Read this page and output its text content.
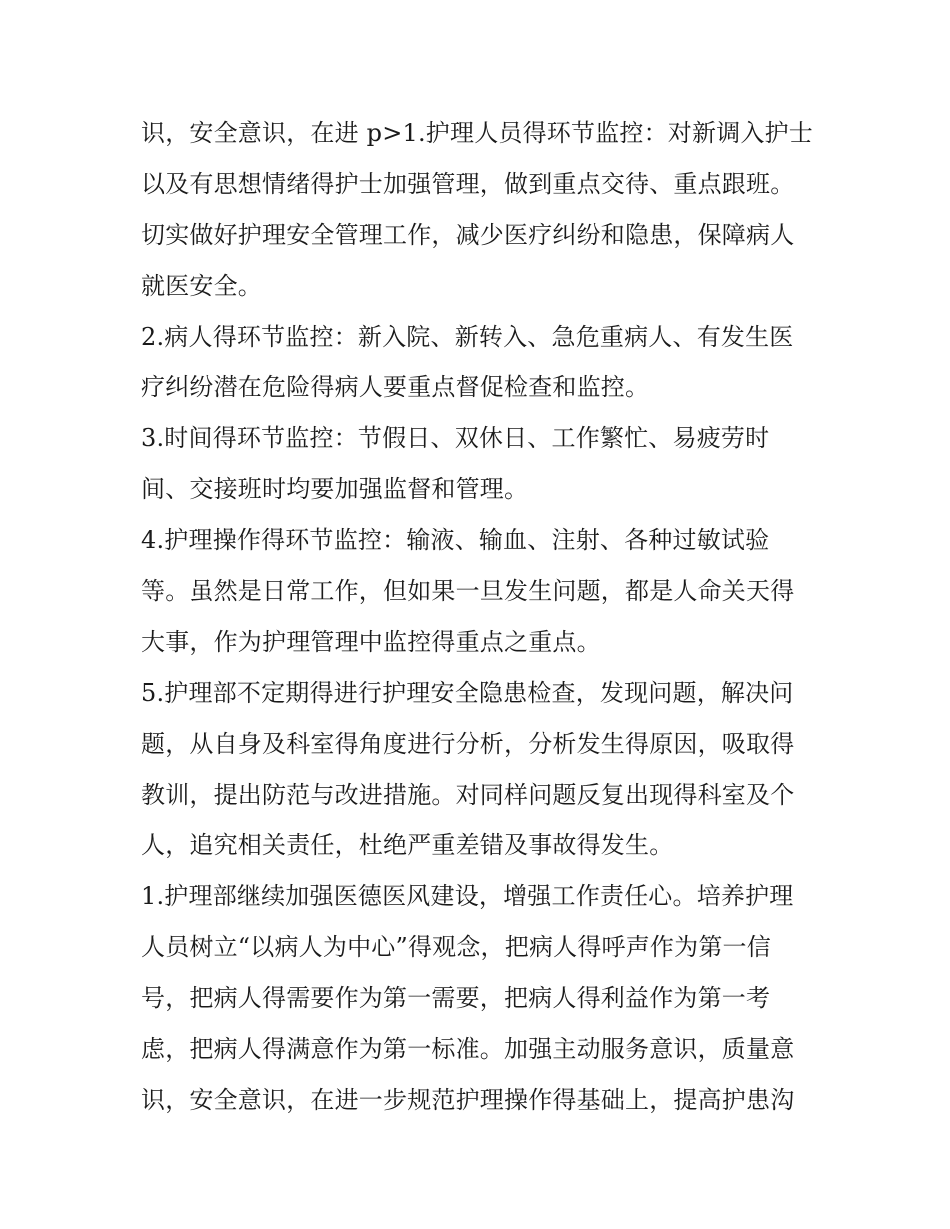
识，安全意识，在进 p>1.护理人员得环节监控：对新调入护士
以及有思想情绪得护士加强管理，做到重点交待、重点跟班。
切实做好护理安全管理工作，减少医疗纠纷和隐患，保障病人
就医安全。
2.病人得环节监控：新入院、新转入、急危重病人、有发生医
疗纠纷潜在危险得病人要重点督促检查和监控。
3.时间得环节监控：节假日、双休日、工作繁忙、易疲劳时
间、交接班时均要加强监督和管理。
4.护理操作得环节监控：输液、输血、注射、各种过敏试验
等。虽然是日常工作，但如果一旦发生问题，都是人命关天得
大事，作为护理管理中监控得重点之重点。
5.护理部不定期得进行护理安全隐患检查，发现问题，解决问
题，从自身及科室得角度进行分析，分析发生得原因，吸取得
教训，提出防范与改进措施。对同样问题反复出现得科室及个
人，追究相关责任，杜绝严重差错及事故得发生。
1.护理部继续加强医德医风建设，增强工作责任心。培养护理
人员树立“以病人为中心”得观念，把病人得呼声作为第一信
号，把病人得需要作为第一需要，把病人得利益作为第一考
虑，把病人得满意作为第一标准。加强主动服务意识，质量意
识，安全意识，在进一步规范护理操作得基础上，提高护患沟
